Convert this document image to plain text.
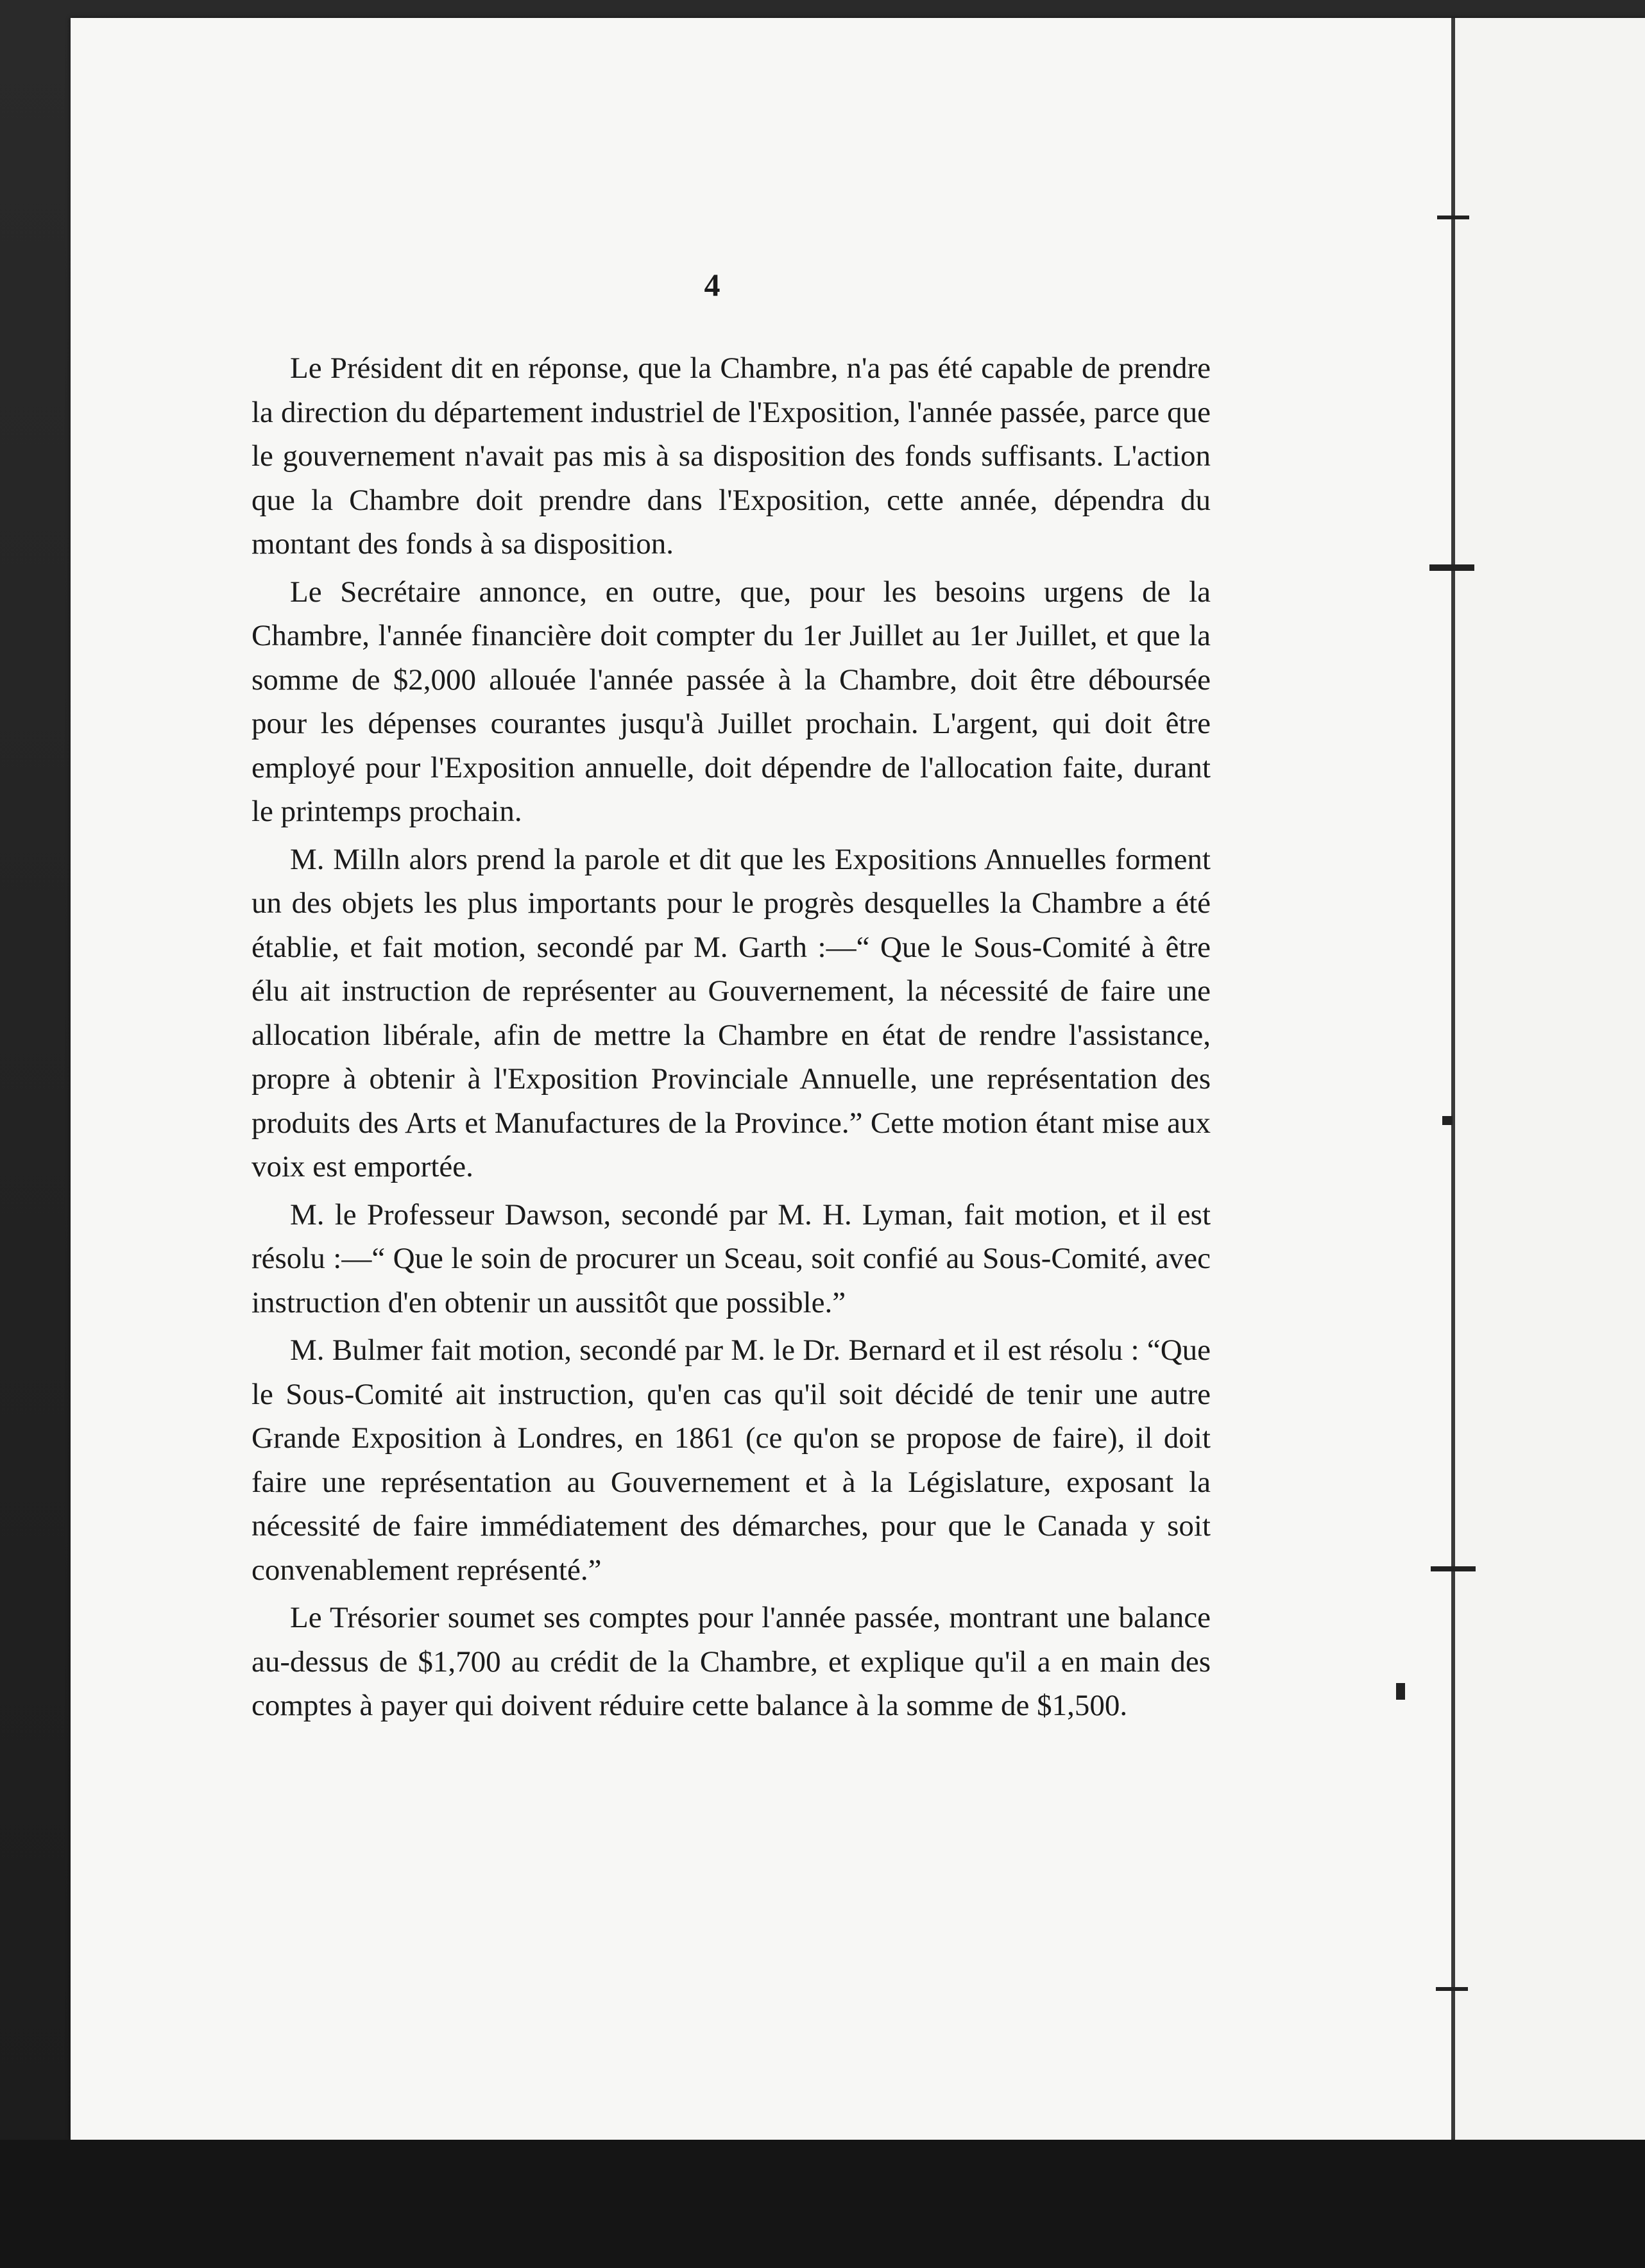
4

Le Président dit en réponse, que la Chambre, n'a pas été capable de prendre la direction du département industriel de l'Exposition, l'année passée, parce que le gouvernement n'avait pas mis à sa disposition des fonds suffisants. L'action que la Chambre doit prendre dans l'Exposition, cette année, dépendra du montant des fonds à sa disposition.

Le Secrétaire annonce, en outre, que, pour les besoins urgens de la Chambre, l'année financière doit compter du 1er Juillet au 1er Juillet, et que la somme de $2,000 allouée l'année passée à la Chambre, doit être déboursée pour les dépenses courantes jusqu'à Juillet prochain. L'argent, qui doit être employé pour l'Exposition annuelle, doit dépendre de l'allocation faite, durant le printemps prochain.

M. Milln alors prend la parole et dit que les Expositions Annuelles forment un des objets les plus importants pour le progrès desquelles la Chambre a été établie, et fait motion, secondé par M. Garth :—“ Que le Sous-Comité à être élu ait instruction de représenter au Gouvernement, la nécessité de faire une allocation libérale, afin de mettre la Chambre en état de rendre l'assistance, propre à obtenir à l'Exposition Provinciale Annuelle, une représentation des produits des Arts et Manufactures de la Province.” Cette motion étant mise aux voix est emportée.

M. le Professeur Dawson, secondé par M. H. Lyman, fait motion, et il est résolu :—“ Que le soin de procurer un Sceau, soit confié au Sous-Comité, avec instruction d'en obtenir un aussitôt que possible.”

M. Bulmer fait motion, secondé par M. le Dr. Bernard et il est résolu : “Que le Sous-Comité ait instruction, qu'en cas qu'il soit décidé de tenir une autre Grande Exposition à Londres, en 1861 (ce qu'on se propose de faire), il doit faire une représentation au Gouvernement et à la Législature, exposant la nécessité de faire immédiatement des démarches, pour que le Canada y soit convenablement représenté.”

Le Trésorier soumet ses comptes pour l'année passée, montrant une balance au-dessus de $1,700 au crédit de la Chambre, et explique qu'il a en main des comptes à payer qui doivent réduire cette balance à la somme de $1,500.
